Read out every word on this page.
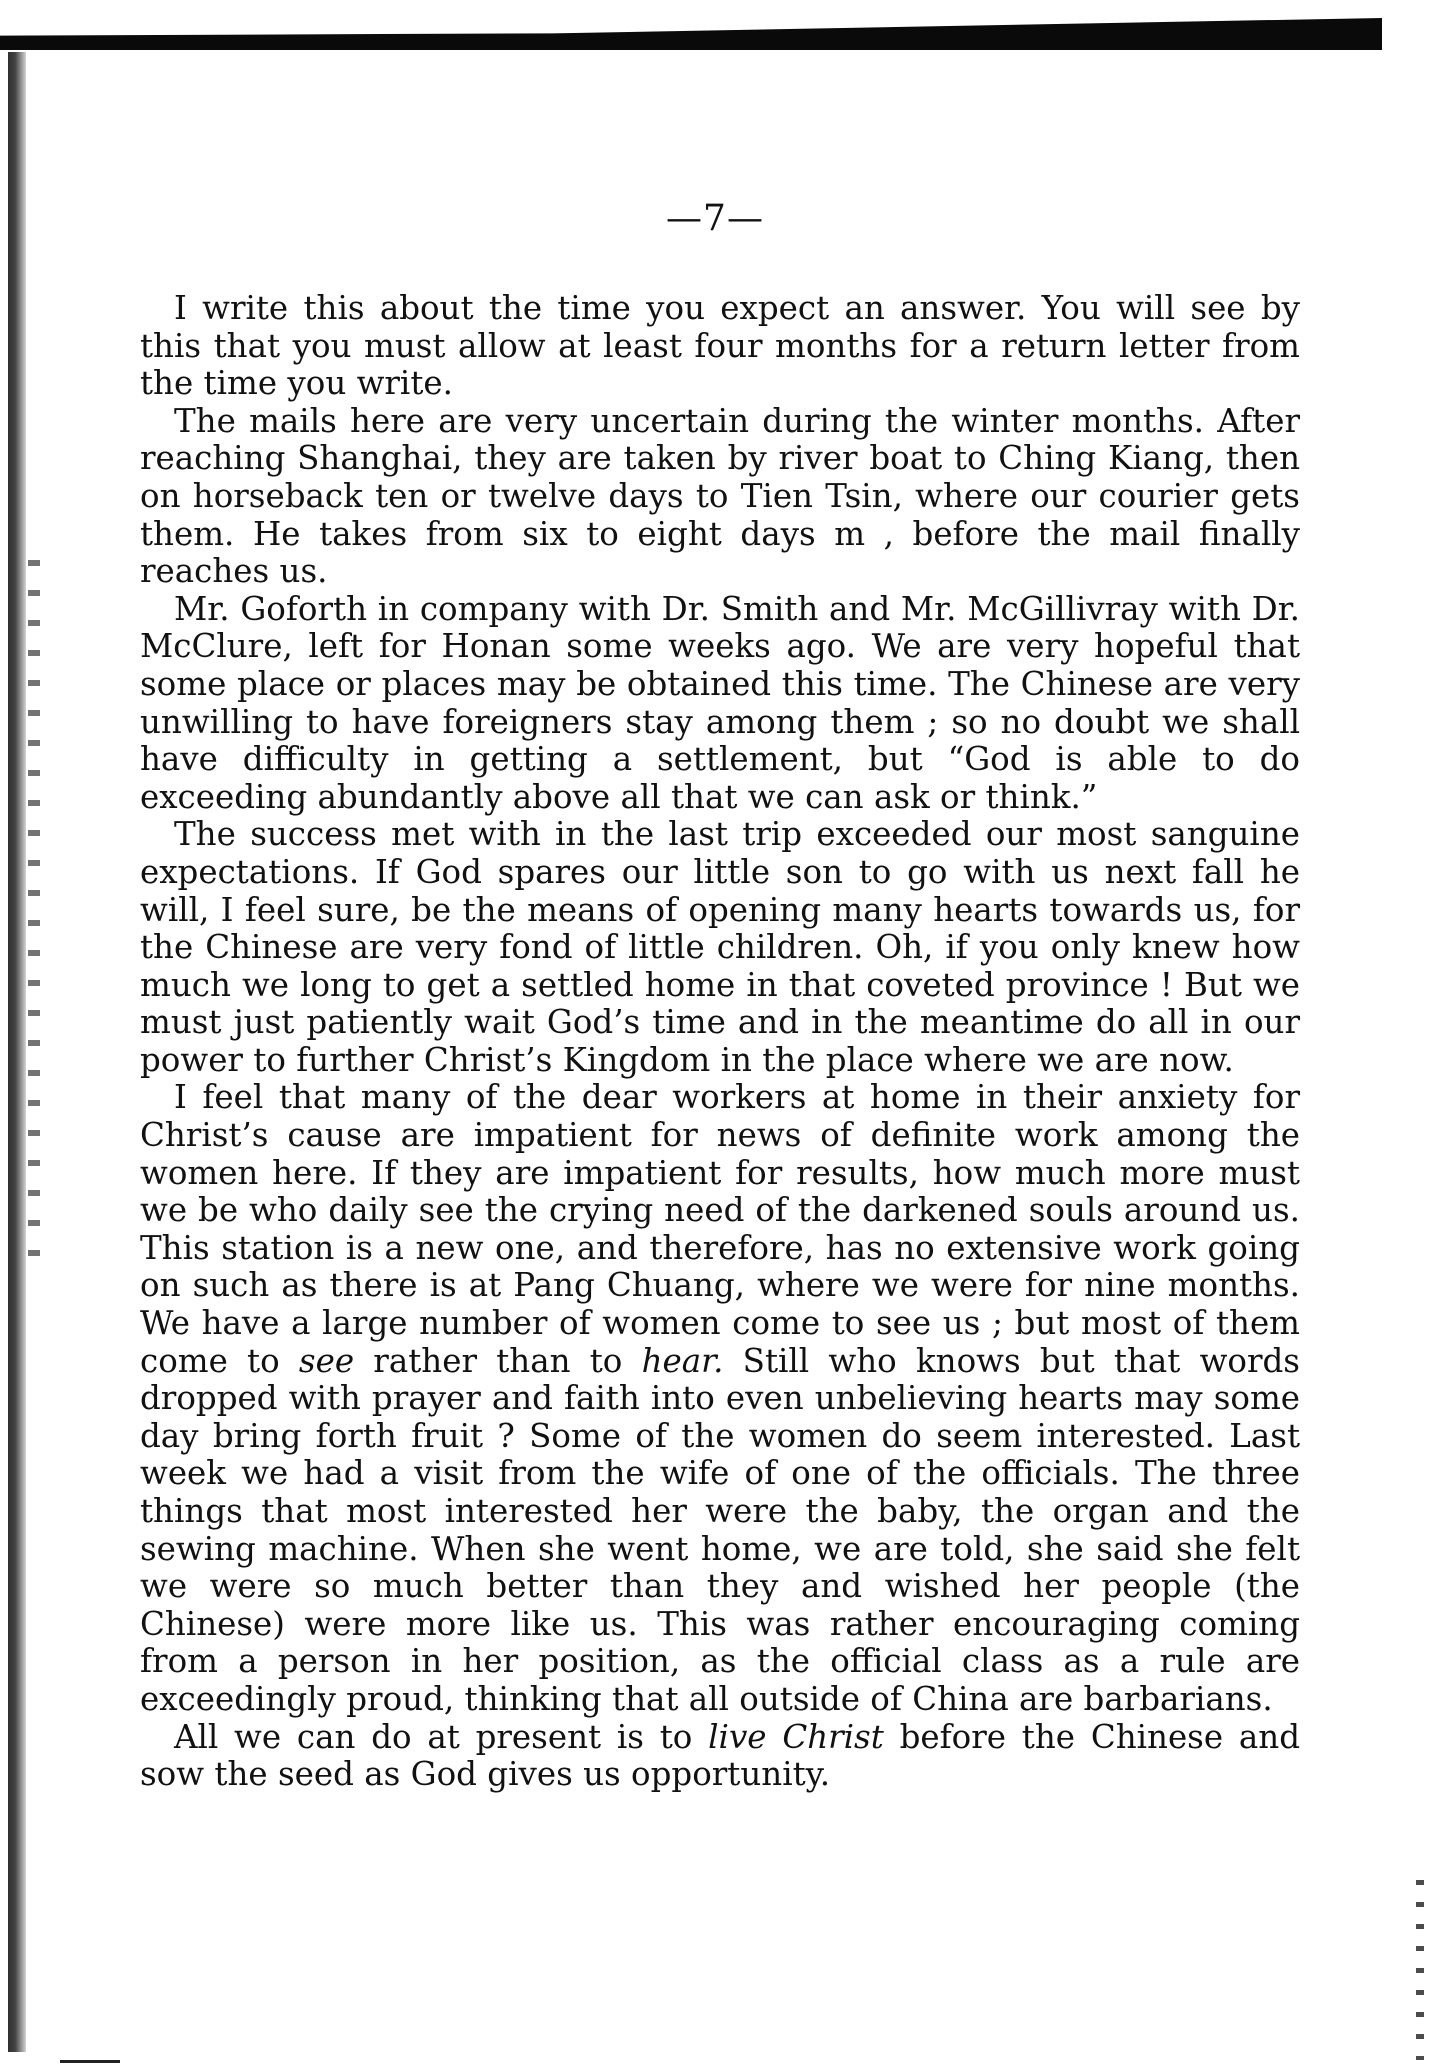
—7—

I write this about the time you expect an answer. You will see by this that you must allow at least four months for a return letter from the time you write.

The mails here are very uncertain during the winter months. After reaching Shanghai, they are taken by river boat to Ching Kiang, then on horseback ten or twelve days to Tien Tsin, where our courier gets them. He takes from six to eight days m , before the mail finally reaches us.

Mr. Goforth in company with Dr. Smith and Mr. McGillivray with Dr. McClure, left for Honan some weeks ago. We are very hopeful that some place or places may be obtained this time. The Chinese are very unwilling to have foreigners stay among them ; so no doubt we shall have difficulty in getting a settlement, but “God is able to do exceeding abundantly above all that we can ask or think.”

The success met with in the last trip exceeded our most sanguine expectations. If God spares our little son to go with us next fall he will, I feel sure, be the means of opening many hearts towards us, for the Chinese are very fond of little children. Oh, if you only knew how much we long to get a settled home in that coveted province ! But we must just patiently wait God’s time and in the meantime do all in our power to further Christ’s Kingdom in the place where we are now.

I feel that many of the dear workers at home in their anxiety for Christ’s cause are impatient for news of definite work among the women here. If they are impatient for results, how much more must we be who daily see the crying need of the darkened souls around us. This station is a new one, and therefore, has no extensive work going on such as there is at Pang Chuang, where we were for nine months. We have a large number of women come to see us ; but most of them come to see rather than to hear. Still who knows but that words dropped with prayer and faith into even unbelieving hearts may some day bring forth fruit ? Some of the women do seem interested. Last week we had a visit from the wife of one of the officials. The three things that most interested her were the baby, the organ and the sewing machine. When she went home, we are told, she said she felt we were so much better than they and wished her people (the Chinese) were more like us. This was rather encouraging coming from a person in her position, as the official class as a rule are exceedingly proud, thinking that all outside of China are barbarians.

All we can do at present is to live Christ before the Chinese and sow the seed as God gives us opportunity.
